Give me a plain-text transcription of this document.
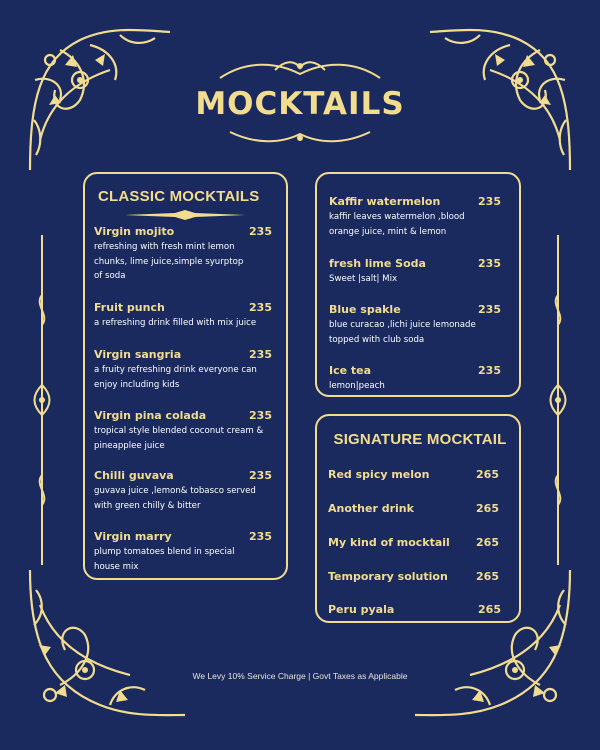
MOCKTAILS
CLASSIC MOCKTAILS
Virgin mojito	235
refreshing with fresh mint lemon
chunks, lime juice,simple syurptop
of soda
Fruit punch	235
a refreshing drink filled with mix juice
Virgin sangria	235
a fruity refreshing drink everyone can
enjoy including kids
Virgin pina colada	235
tropical style blended coconut cream &
pineapplee juice
Chilli guvava	235
guvava juice ,lemon& tobasco served
with green chilly & bitter
Virgin marry	235
plump tomatoes blend in special
house mix
Kaffir watermelon	235
kaffir leaves watermelon ,blood
orange juice, mint & lemon
fresh lime Soda	235
Sweet |salt| Mix
Blue spakle	235
blue curacao ,lichi juice lemonade
topped with club soda
Ice tea	235
lemon|peach
SIGNATURE MOCKTAIL
Red spicy melon	265
Another drink	265
My kind of mocktail 265
Temporary solution	265
Peru pyala	265
We Levy 10% Service Charge | Govt Taxes as Applicable
